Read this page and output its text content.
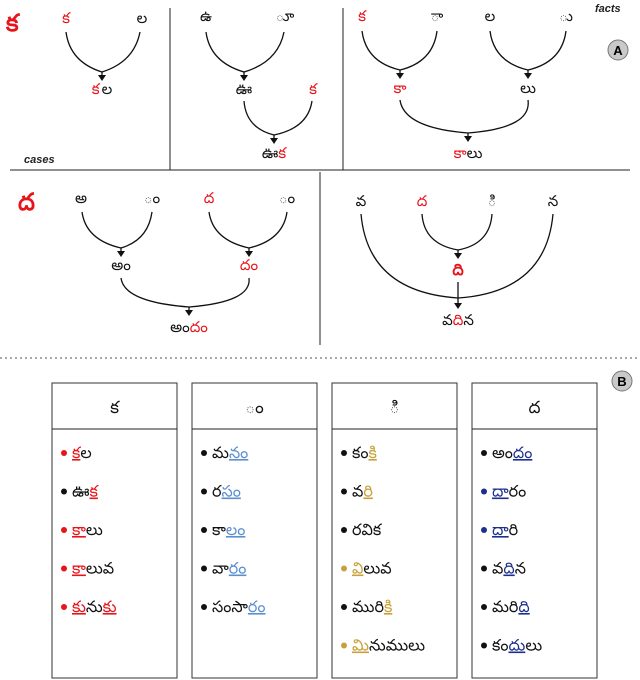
facts
cases
A
క	క	ల
క ల
ఉ	ూ
ఊ	క
ఊక
క	ా	ల	ు
కా	లు
కాలు
ద	అ	ం	ద	ం
అం	దం
అందం
వ	ద	ి	న
ది
వదిన
B
క
కల
ఊక
కాలు
కాలువ
కునుకు
ం
మనం
రసం
కాలం
వారం
సంసారం
ి
కంకి
వరి
రవిక
విలువ
మురికి
మినుములు
ద
అందం
దారం
దారి
వదిన
మరిది
కందులు
